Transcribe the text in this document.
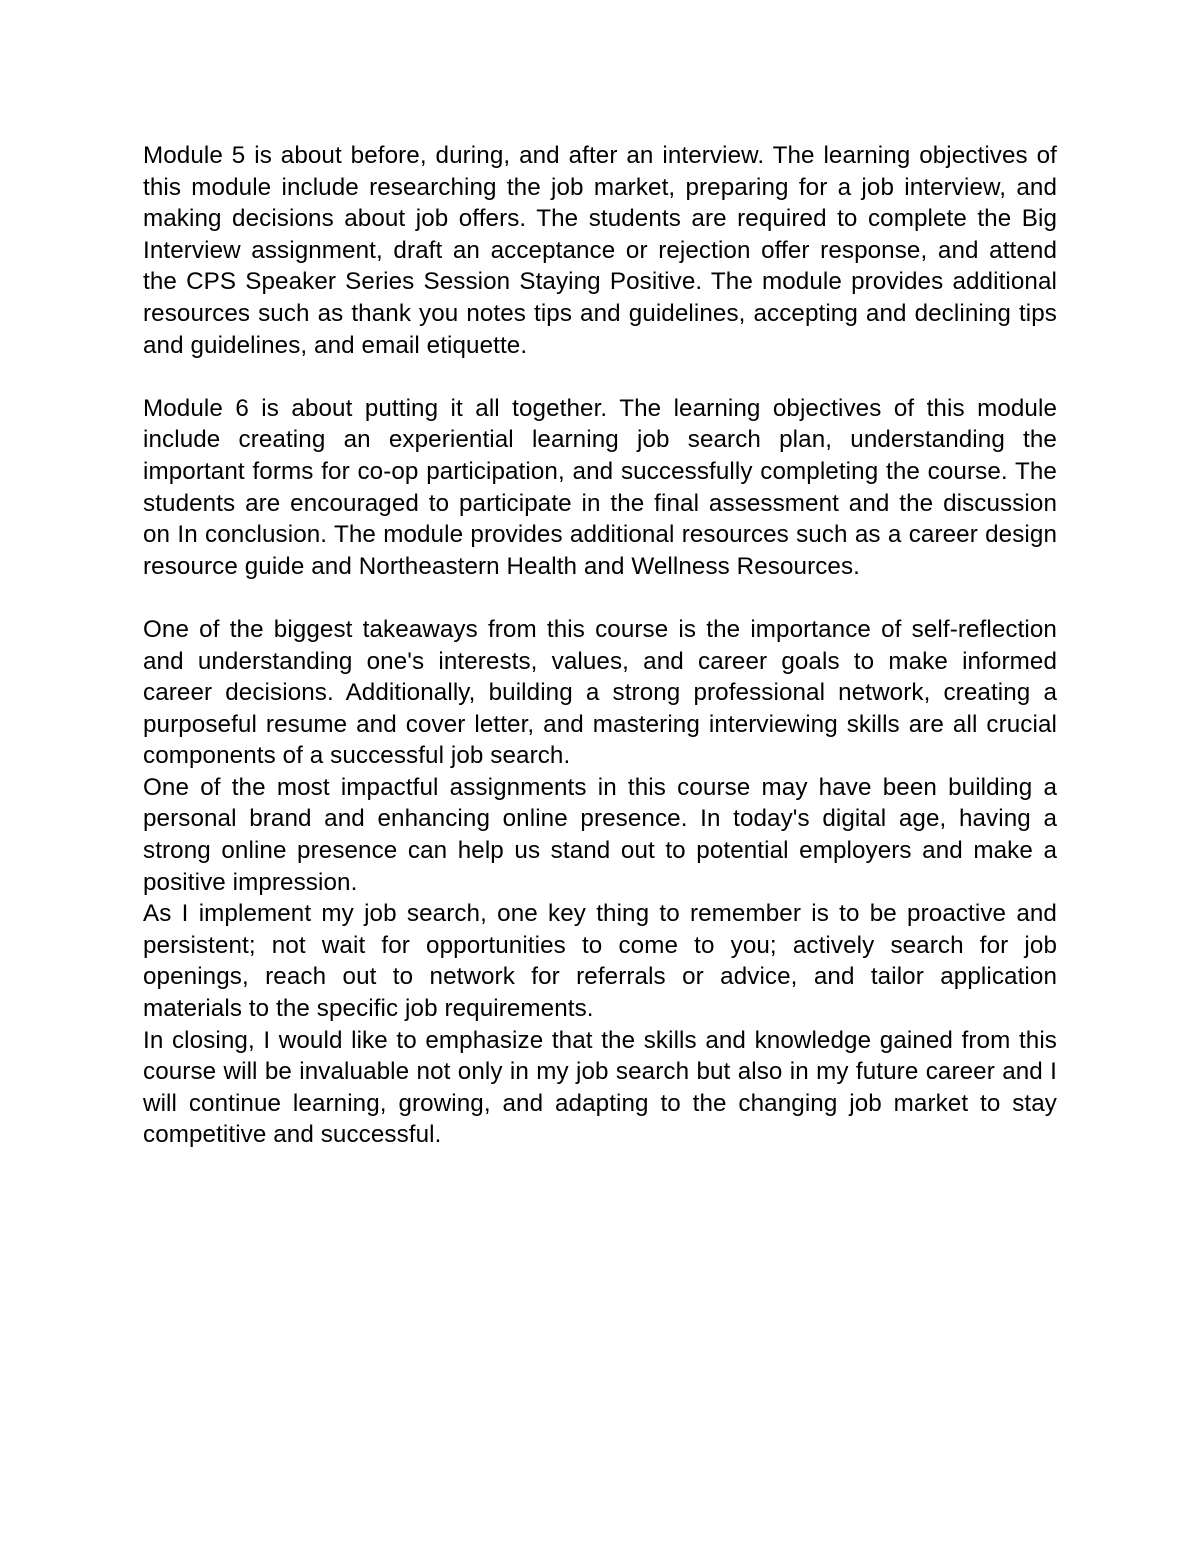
Module 5 is about before, during, and after an interview. The learning objectives of this module include researching the job market, preparing for a job interview, and making decisions about job offers. The students are required to complete the Big Interview assignment, draft an acceptance or rejection offer response, and attend the CPS Speaker Series Session Staying Positive. The module provides additional resources such as thank you notes tips and guidelines, accepting and declining tips and guidelines, and email etiquette.

Module 6 is about putting it all together. The learning objectives of this module include creating an experiential learning job search plan, understanding the important forms for co-op participation, and successfully completing the course. The students are encouraged to participate in the final assessment and the discussion on In conclusion. The module provides additional resources such as a career design resource guide and Northeastern Health and Wellness Resources.

One of the biggest takeaways from this course is the importance of self-reflection and understanding one's interests, values, and career goals to make informed career decisions. Additionally, building a strong professional network, creating a purposeful resume and cover letter, and mastering interviewing skills are all crucial components of a successful job search.

One of the most impactful assignments in this course may have been building a personal brand and enhancing online presence. In today's digital age, having a strong online presence can help us stand out to potential employers and make a positive impression.

As I implement my job search, one key thing to remember is to be proactive and persistent; not wait for opportunities to come to you; actively search for job openings, reach out to network for referrals or advice, and tailor application materials to the specific job requirements.

In closing, I would like to emphasize that the skills and knowledge gained from this course will be invaluable not only in my job search but also in my future career and I will continue learning, growing, and adapting to the changing job market to stay competitive and successful.
